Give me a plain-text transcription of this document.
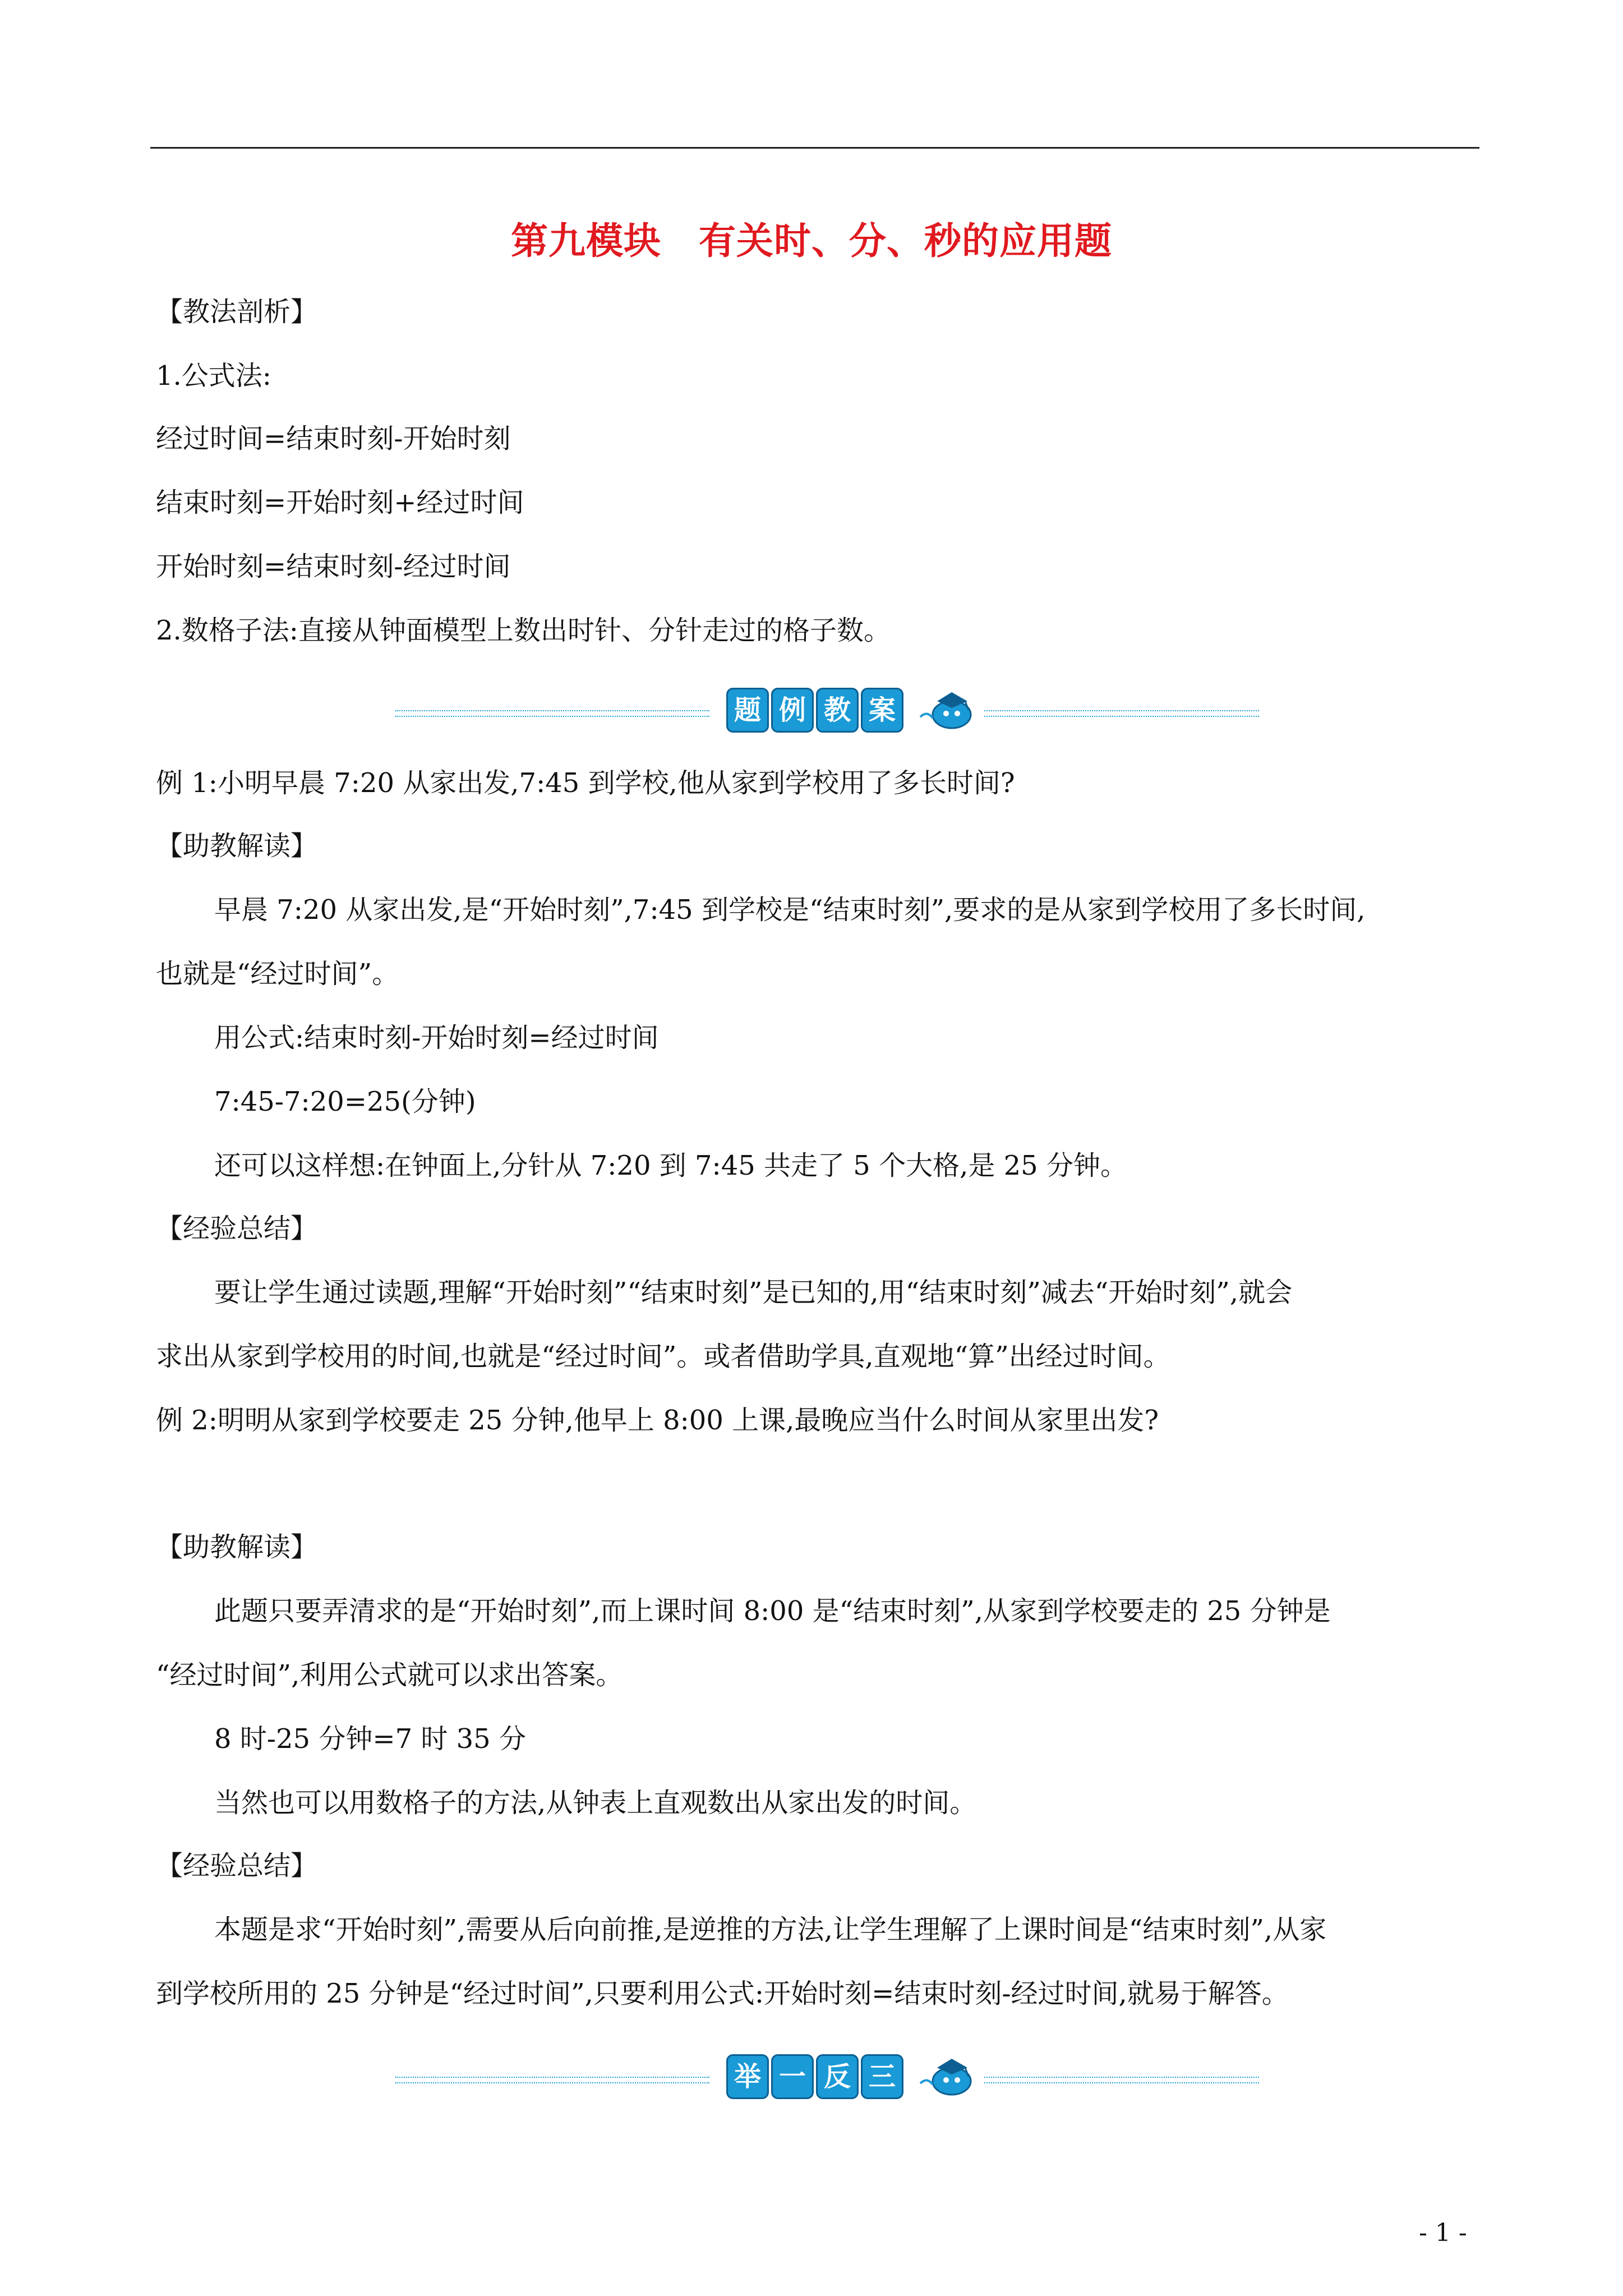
第九模块　有关时、分、秒的应用题
【教法剖析】
1.公式法:
经过时间=结束时刻-开始时刻
结束时刻=开始时刻+经过时间
开始时刻=结束时刻-经过时间
2.数格子法:直接从钟面模型上数出时针、分针走过的格子数。
题 例 教 案
例 1:小明早晨 7:20 从家出发,7:45 到学校,他从家到学校用了多长时间?
【助教解读】
早晨 7:20 从家出发,是“开始时刻”,7:45 到学校是“结束时刻”,要求的是从家到学校用了多长时间,
也就是“经过时间”。
用公式:结束时刻-开始时刻=经过时间
7:45-7:20=25(分钟)
还可以这样想:在钟面上,分针从 7:20 到 7:45 共走了 5 个大格,是 25 分钟。
【经验总结】
要让学生通过读题,理解“开始时刻”“结束时刻”是已知的,用“结束时刻”减去“开始时刻”,就会
求出从家到学校用的时间,也就是“经过时间”。或者借助学具,直观地“算”出经过时间。
例 2:明明从家到学校要走 25 分钟,他早上 8:00 上课,最晚应当什么时间从家里出发?
【助教解读】
此题只要弄清求的是“开始时刻”,而上课时间 8:00 是“结束时刻”,从家到学校要走的 25 分钟是
“经过时间”,利用公式就可以求出答案。
8 时-25 分钟=7 时 35 分
当然也可以用数格子的方法,从钟表上直观数出从家出发的时间。
【经验总结】
本题是求“开始时刻”,需要从后向前推,是逆推的方法,让学生理解了上课时间是“结束时刻”,从家
到学校所用的 25 分钟是“经过时间”,只要利用公式:开始时刻=结束时刻-经过时间,就易于解答。
举 一 反 三
- 1 -
